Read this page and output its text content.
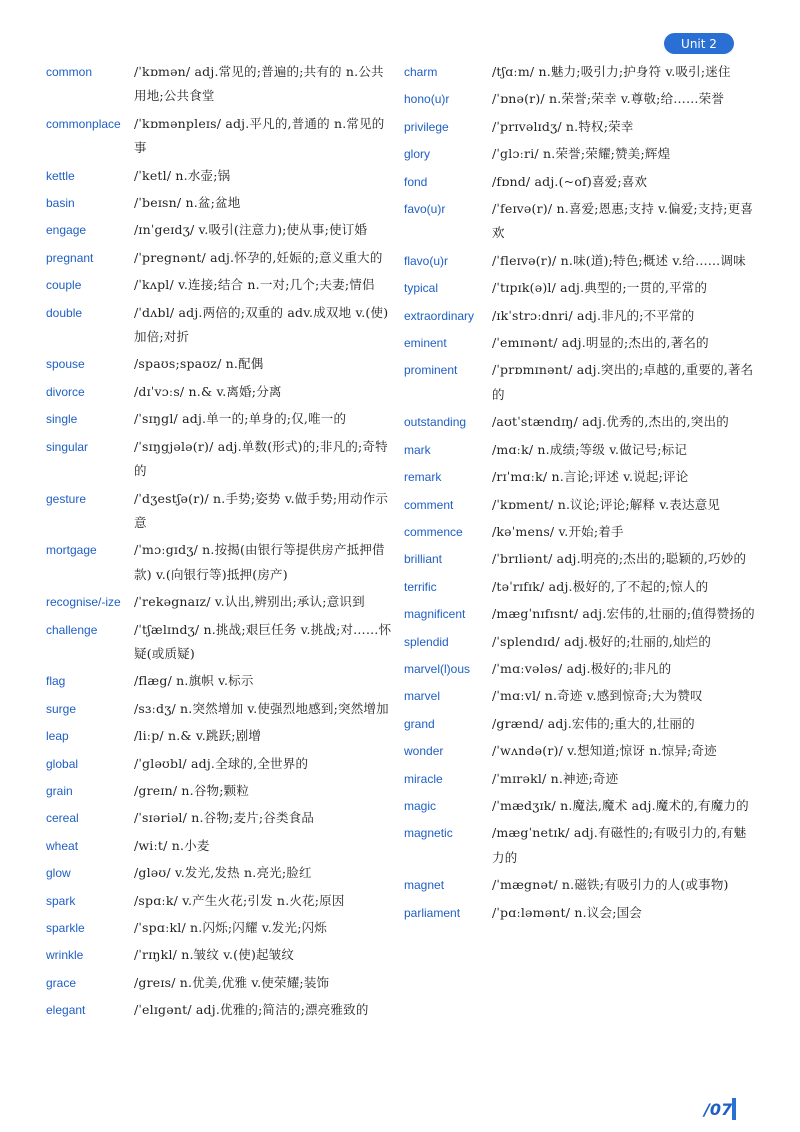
Unit 2
common	/ˈkɒmən/ adj.常见的;普遍的;共有的 n.公共用地;公共食堂
commonplace	/ˈkɒmənpleɪs/ adj.平凡的,普通的 n.常见的事
kettle	/ˈketl/ n.水壶;锅
basin	/ˈbeɪsn/ n.盆;盆地
engage	/ɪnˈgeɪdʒ/ v.吸引(注意力);使从事;使订婚
pregnant	/ˈpregnənt/ adj.怀孕的,妊娠的;意义重大的
couple	/ˈkʌpl/ v.连接;结合 n.一对;几个;夫妻;情侣
double	/ˈdʌbl/ adj.两倍的;双重的 adv.成双地 v.(使)加倍;对折
spouse	/spaʊs;spaʊz/ n.配偶
divorce	/dɪˈvɔːs/ n.& v.离婚;分离
single	/ˈsɪŋgl/ adj.单一的;单身的;仅,唯一的
singular	/ˈsɪŋgjələ(r)/ adj.单数(形式)的;非凡的;奇特的
gesture	/ˈdʒestʃə(r)/ n.手势;姿势 v.做手势;用动作示意
mortgage	/ˈmɔːgɪdʒ/ n.按揭(由银行等提供房产抵押借款) v.(向银行等)抵押(房产)
recognise/-ize	/ˈrekəgnaɪz/ v.认出,辨别出;承认;意识到
challenge	/ˈtʃælɪndʒ/ n.挑战;艰巨任务 v.挑战;对……怀疑(或质疑)
flag	/flæg/ n.旗帜 v.标示
surge	/sɜːdʒ/ n.突然增加 v.使强烈地感到;突然增加
leap	/liːp/ n.& v.跳跃;剧增
global	/ˈgləʊbl/ adj.全球的,全世界的
grain	/greɪn/ n.谷物;颗粒
cereal	/ˈsɪəriəl/ n.谷物;麦片;谷类食品
wheat	/wiːt/ n.小麦
glow	/gləʊ/ v.发光,发热 n.亮光;脸红
spark	/spɑːk/ v.产生火花;引发 n.火花;原因
sparkle	/ˈspɑːkl/ n.闪烁;闪耀 v.发光;闪烁
wrinkle	/ˈrɪŋkl/ n.皱纹 v.(使)起皱纹
grace	/greɪs/ n.优美,优雅 v.使荣耀;装饰
elegant	/ˈelɪgənt/ adj.优雅的;简洁的;漂亮雅致的
charm	/tʃɑːm/ n.魅力;吸引力;护身符 v.吸引;迷住
hono(u)r	/ˈɒnə(r)/ n.荣誉;荣幸 v.尊敬;给……荣誉
privilege	/ˈprɪvəlɪdʒ/ n.特权;荣幸
glory	/ˈglɔːri/ n.荣誉;荣耀;赞美;辉煌
fond	/fɒnd/ adj.(~of)喜爱;喜欢
favo(u)r	/ˈfeɪvə(r)/ n.喜爱;恩惠;支持 v.偏爱;支持;更喜欢
flavo(u)r	/ˈfleɪvə(r)/ n.味(道);特色;概述 v.给……调味
typical	/ˈtɪpɪk(ə)l/ adj.典型的;一贯的,平常的
extraordinary	/ɪkˈstrɔːdnri/ adj.非凡的;不平常的
eminent	/ˈemɪnənt/ adj.明显的;杰出的,著名的
prominent	/ˈprɒmɪnənt/ adj.突出的;卓越的,重要的,著名的
outstanding	/aʊtˈstændɪŋ/ adj.优秀的,杰出的,突出的
mark	/mɑːk/ n.成绩;等级 v.做记号;标记
remark	/rɪˈmɑːk/ n.言论;评述 v.说起;评论
comment	/ˈkɒment/ n.议论;评论;解释 v.表达意见
commence	/kəˈmens/ v.开始;着手
brilliant	/ˈbrɪliənt/ adj.明亮的;杰出的;聪颖的,巧妙的
terrific	/təˈrɪfɪk/ adj.极好的,了不起的;惊人的
magnificent	/mægˈnɪfɪsnt/ adj.宏伟的,壮丽的;值得赞扬的
splendid	/ˈsplendɪd/ adj.极好的;壮丽的,灿烂的
marvel(l)ous	/ˈmɑːvələs/ adj.极好的;非凡的
marvel	/ˈmɑːvl/ n.奇迹 v.感到惊奇;大为赞叹
grand	/grænd/ adj.宏伟的;重大的,壮丽的
wonder	/ˈwʌndə(r)/ v.想知道;惊讶 n.惊异;奇迹
miracle	/ˈmɪrəkl/ n.神迹;奇迹
magic	/ˈmædʒɪk/ n.魔法,魔术 adj.魔术的,有魔力的
magnetic	/mægˈnetɪk/ adj.有磁性的;有吸引力的,有魅力的
magnet	/ˈmægnət/ n.磁铁;有吸引力的人(或事物)
parliament	/ˈpɑːləmənt/ n.议会;国会
/07
